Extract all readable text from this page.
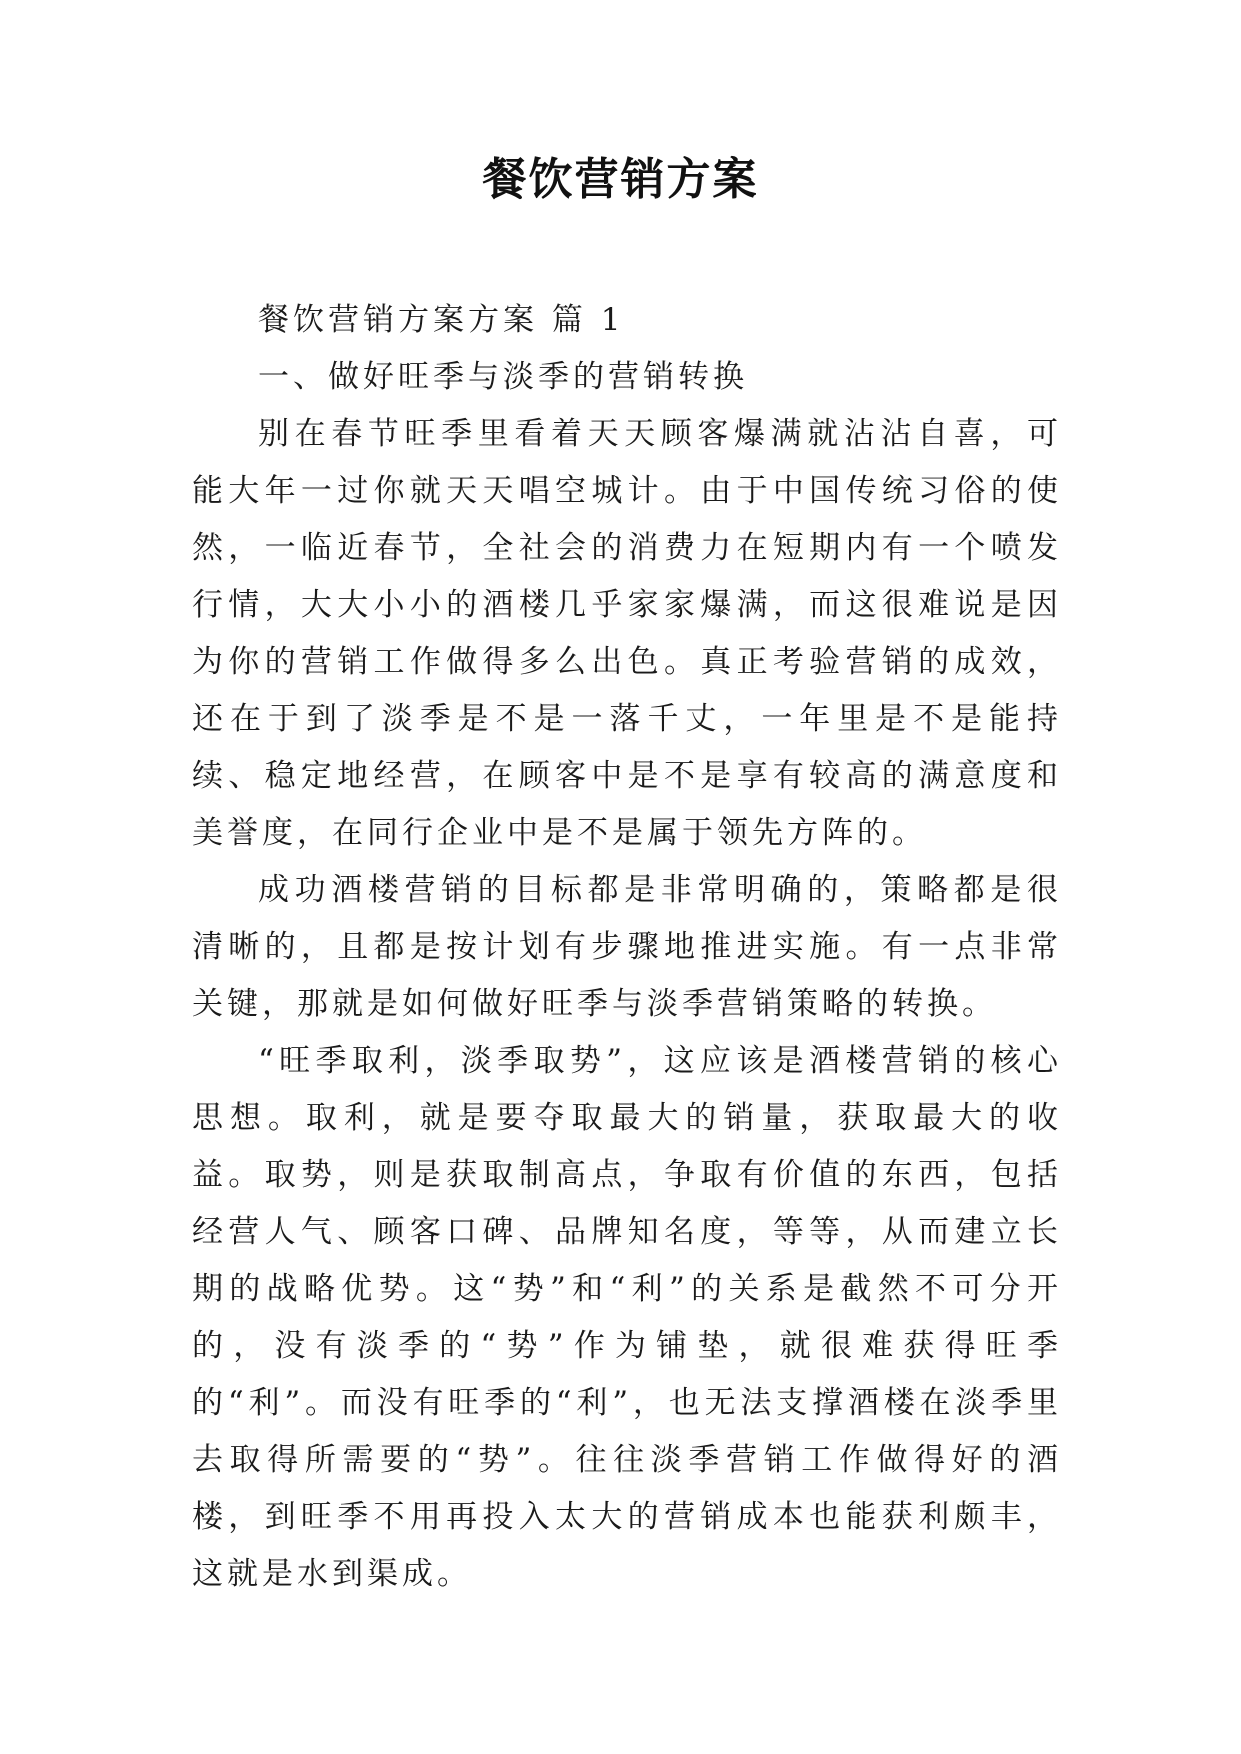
餐饮营销方案

餐饮营销方案方案 篇 1

一、做好旺季与淡季的营销转换

别在春节旺季里看着天天顾客爆满就沾沾自喜，可能大年一过你就天天唱空城计。由于中国传统习俗的使然，一临近春节，全社会的消费力在短期内有一个喷发行情，大大小小的酒楼几乎家家爆满，而这很难说是因为你的营销工作做得多么出色。真正考验营销的成效，还在于到了淡季是不是一落千丈，一年里是不是能持续、稳定地经营，在顾客中是不是享有较高的满意度和美誉度，在同行企业中是不是属于领先方阵的。

成功酒楼营销的目标都是非常明确的，策略都是很清晰的，且都是按计划有步骤地推进实施。有一点非常关键，那就是如何做好旺季与淡季营销策略的转换。

“旺季取利，淡季取势”，这应该是酒楼营销的核心思想。取利，就是要夺取最大的销量，获取最大的收益。取势，则是获取制高点，争取有价值的东西，包括经营人气、顾客口碑、品牌知名度，等等，从而建立长期的战略优势。这“势”和“利”的关系是截然不可分开的，没有淡季的“势”作为铺垫，就很难获得旺季的“利”。而没有旺季的“利”，也无法支撑酒楼在淡季里去取得所需要的“势”。往往淡季营销工作做得好的酒楼，到旺季不用再投入太大的营销成本也能获利颇丰，这就是水到渠成。
